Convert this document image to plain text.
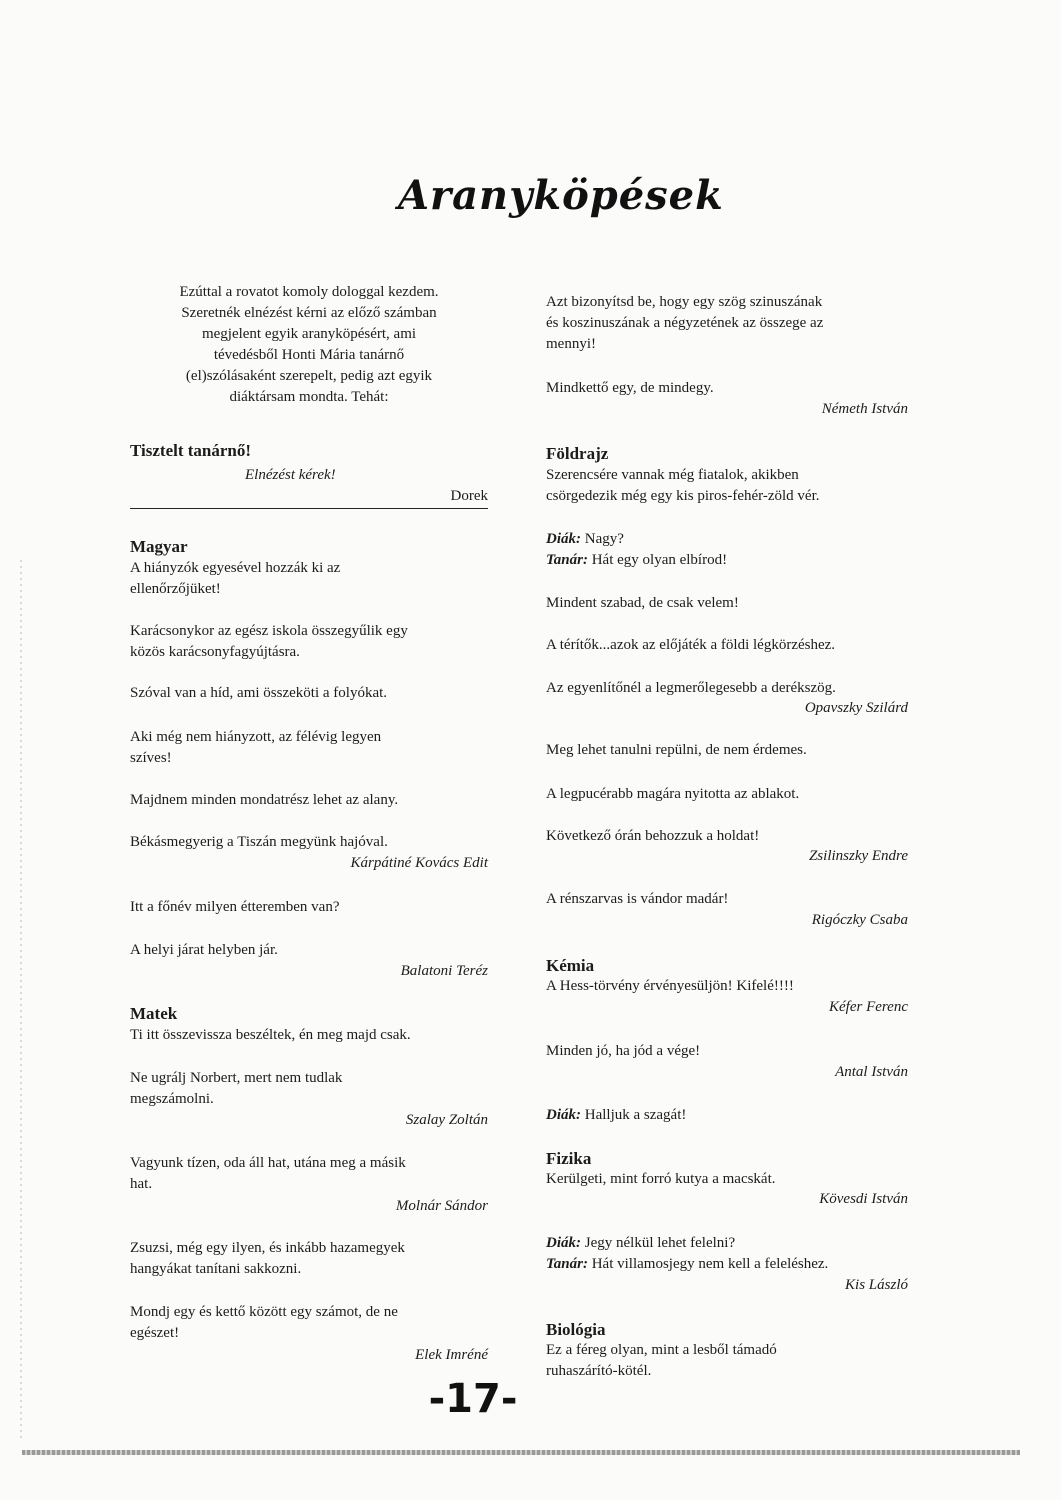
Aranyköpések
Ezúttal a rovatot komoly dologgal kezdem.
Szeretnék elnézést kérni az előző számban
megjelent egyik aranyköpésért, ami
tévedésből Honti Mária tanárnő
(el)szólásaként szerepelt, pedig azt egyik
diáktársam mondta. Tehát:
Tisztelt tanárnő!
Elnézést kérek!
Dorek
Magyar
A hiányzók egyesével hozzák ki az
ellenőrzőjüket!
Karácsonykor az egész iskola összegyűlik egy
közös karácsonyfagyújtásra.
Szóval van a híd, ami összeköti a folyókat.
Aki még nem hiányzott, az félévig legyen
szíves!
Majdnem minden mondatrész lehet az alany.
Békásmegyerig a Tiszán megyünk hajóval.
Kárpátiné Kovács Edit
Itt a főnév milyen étteremben van?
A helyi járat helyben jár.
Balatoni Teréz
Matek
Ti itt összevissza beszéltek, én meg majd csak.
Ne ugrálj Norbert, mert nem tudlak
megszámolni.
Szalay Zoltán
Vagyunk tízen, oda áll hat, utána meg a másik
hat.
Molnár Sándor
Zsuzsi, még egy ilyen, és inkább hazamegyek
hangyákat tanítani sakkozni.
Mondj egy és kettő között egy számot, de ne
egészet!
Elek Imréné
Azt bizonyítsd be, hogy egy szög szinuszának
és koszinuszának a négyzetének az összege az
mennyi!
Mindkettő egy, de mindegy.
Németh István
Földrajz
Szerencsére vannak még fiatalok, akikben
csörgedezik még egy kis piros-fehér-zöld vér.
Diák: Nagy?
Tanár: Hát egy olyan elbírod!
Mindent szabad, de csak velem!
A térítők...azok az előjáték a földi légkörzéshez.
Az egyenlítőnél a legmerőlegesebb a derékszög.
Opavszky Szilárd
Meg lehet tanulni repülni, de nem érdemes.
A legpucérabb magára nyitotta az ablakot.
Következő órán behozzuk a holdat!
Zsilinszky Endre
A rénszarvas is vándor madár!
Rigóczky Csaba
Kémia
A Hess-törvény érvényesüljön! Kifelé!!!!
Kéfer Ferenc
Minden jó, ha jód a vége!
Antal István
Diák: Halljuk a szagát!
Fizika
Kerülgeti, mint forró kutya a macskát.
Kövesdi István
Diák: Jegy nélkül lehet felelni?
Tanár: Hát villamosjegy nem kell a feleléshez.
Kis László
Biológia
Ez a féreg olyan, mint a lesből támadó
ruhaszárító-kötél.
-17-
